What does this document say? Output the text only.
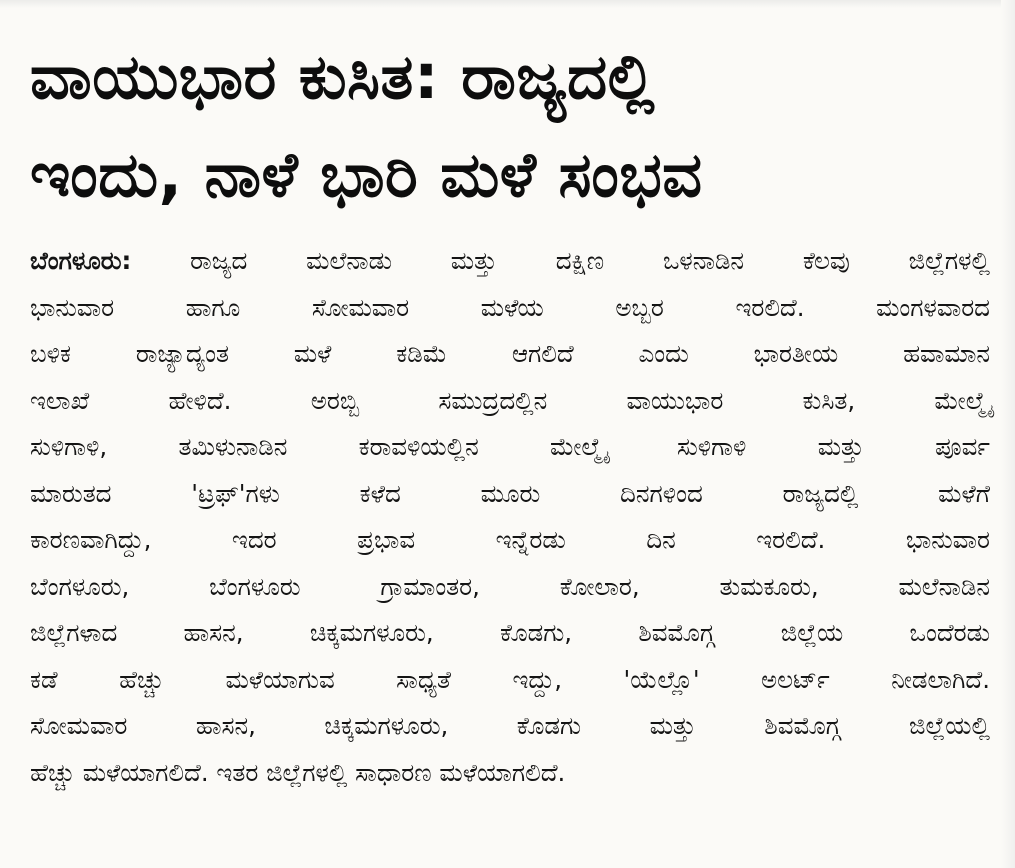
ವಾಯುಭಾರ ಕುಸಿತ: ರಾಜ್ಯದಲ್ಲಿ
ಇಂದು, ನಾಳೆ ಭಾರಿ ಮಳೆ ಸಂಭವ
ಬೆಂಗಳೂರು: ರಾಜ್ಯದ ಮಲೆನಾಡು ಮತ್ತು ದಕ್ಷಿಣ ಒಳನಾಡಿನ ಕೆಲವು ಜಿಲ್ಲೆಗಳಲ್ಲಿ
ಭಾನುವಾರ ಹಾಗೂ ಸೋಮವಾರ ಮಳೆಯ ಅಬ್ಬರ ಇರಲಿದೆ. ಮಂಗಳವಾರದ
ಬಳಿಕ ರಾಜ್ಯಾದ್ಯಂತ ಮಳೆ ಕಡಿಮೆ ಆಗಲಿದೆ ಎಂದು ಭಾರತೀಯ ಹವಾಮಾನ
ಇಲಾಖೆ ಹೇಳಿದೆ. ಅರಬ್ಬಿ ಸಮುದ್ರದಲ್ಲಿನ ವಾಯುಭಾರ ಕುಸಿತ, ಮೇಲ್ಮೈ
ಸುಳಿಗಾಳಿ, ತಮಿಳುನಾಡಿನ ಕರಾವಳಿಯಲ್ಲಿನ ಮೇಲ್ಮೈ ಸುಳಿಗಾಳಿ ಮತ್ತು ಪೂರ್ವ
ಮಾರುತದ 'ಟ್ರಫ್'ಗಳು ಕಳೆದ ಮೂರು ದಿನಗಳಿಂದ ರಾಜ್ಯದಲ್ಲಿ ಮಳೆಗೆ
ಕಾರಣವಾಗಿದ್ದು, ಇದರ ಪ್ರಭಾವ ಇನ್ನೆರಡು ದಿನ ಇರಲಿದೆ. ಭಾನುವಾರ
ಬೆಂಗಳೂರು, ಬೆಂಗಳೂರು ಗ್ರಾಮಾಂತರ, ಕೋಲಾರ, ತುಮಕೂರು, ಮಲೆನಾಡಿನ
ಜಿಲ್ಲೆಗಳಾದ ಹಾಸನ, ಚಿಕ್ಕಮಗಳೂರು, ಕೊಡಗು, ಶಿವಮೊಗ್ಗ ಜಿಲ್ಲೆಯ ಒಂದೆರಡು
ಕಡೆ ಹೆಚ್ಚು ಮಳೆಯಾಗುವ ಸಾಧ್ಯತೆ ಇದ್ದು, 'ಯೆಲ್ಲೊ' ಅಲರ್ಟ್ ನೀಡಲಾಗಿದೆ.
ಸೋಮವಾರ ಹಾಸನ, ಚಿಕ್ಕಮಗಳೂರು, ಕೊಡಗು ಮತ್ತು ಶಿವಮೊಗ್ಗ ಜಿಲ್ಲೆಯಲ್ಲಿ
ಹೆಚ್ಚು ಮಳೆಯಾಗಲಿದೆ. ಇತರ ಜಿಲ್ಲೆಗಳಲ್ಲಿ ಸಾಧಾರಣ ಮಳೆಯಾಗಲಿದೆ.
